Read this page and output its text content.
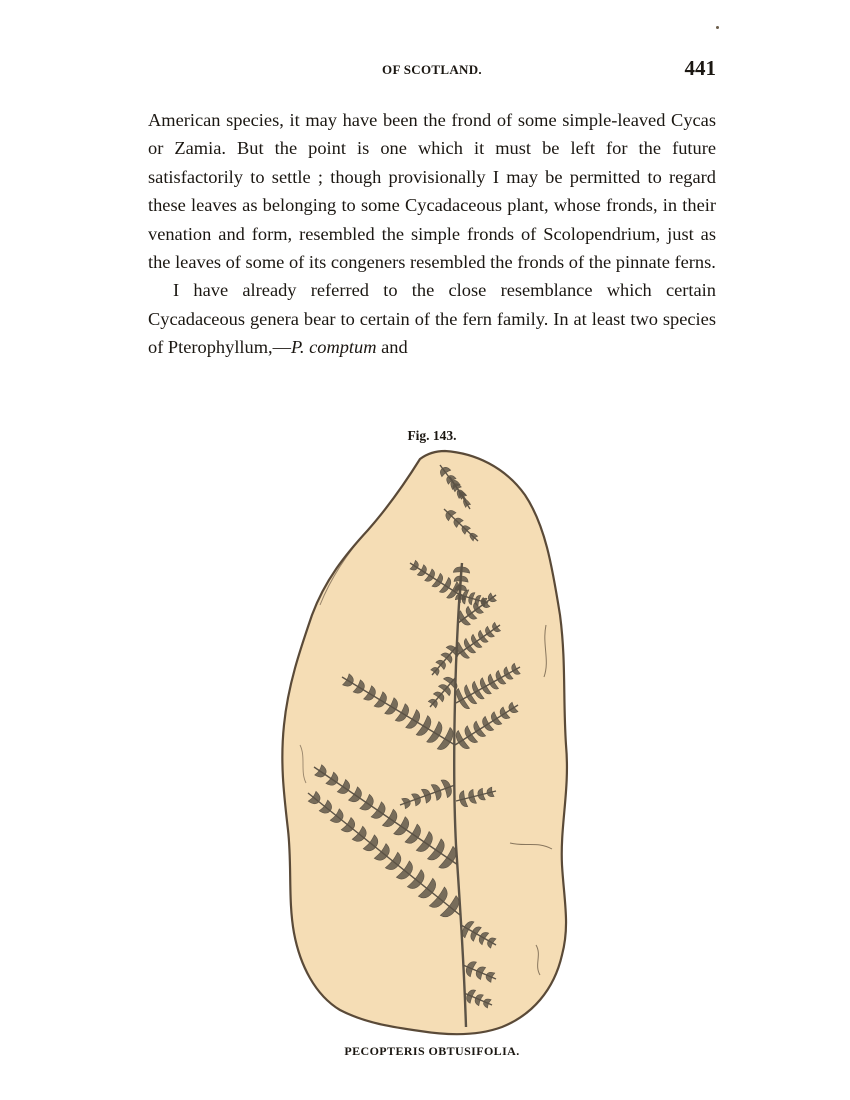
OF SCOTLAND.	441

American species, it may have been the frond of some simple-leaved Cycas or Zamia. But the point is one which it must be left for the future satisfactorily to settle ; though provisionally I may be permitted to regard these leaves as belonging to some Cycadaceous plant, whose fronds, in their venation and form, resembled the simple fronds of Scolopendrium, just as the leaves of some of its congeners resembled the fronds of the pinnate ferns.

I have already referred to the close resemblance which certain Cycadaceous genera bear to certain of the fern family. In at least two species of Pterophyllum,—P. comptum and

Fig. 143.
PECOPTERIS OBTUSIFOLIA.
